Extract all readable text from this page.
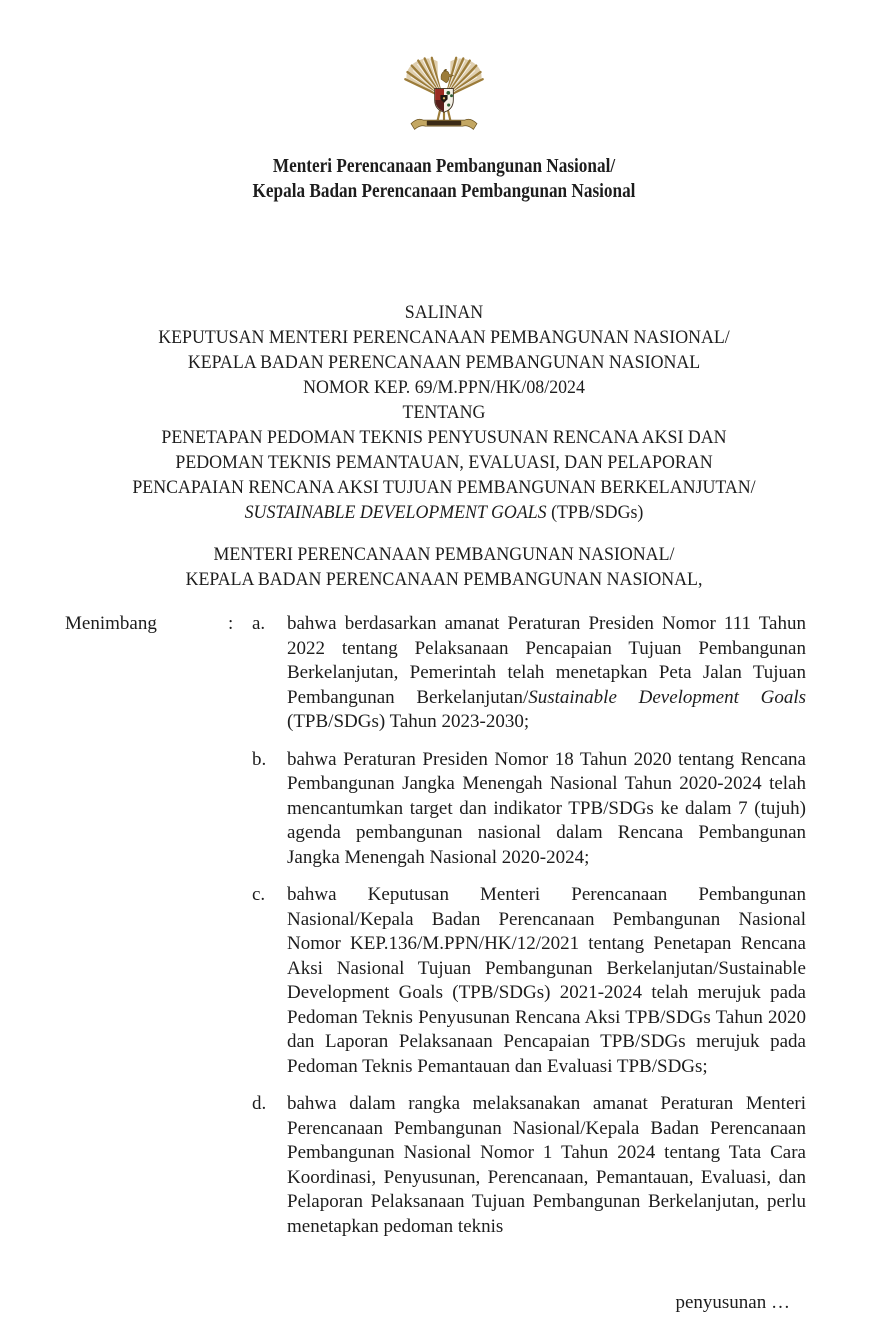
Menteri Perencanaan Pembangunan Nasional/
Kepala Badan Perencanaan Pembangunan Nasional
SALINAN
KEPUTUSAN MENTERI PERENCANAAN PEMBANGUNAN NASIONAL/
KEPALA BADAN PERENCANAAN PEMBANGUNAN NASIONAL
NOMOR KEP. 69/M.PPN/HK/08/2024
TENTANG
PENETAPAN PEDOMAN TEKNIS PENYUSUNAN RENCANA AKSI DAN
PEDOMAN TEKNIS PEMANTAUAN, EVALUASI, DAN PELAPORAN
PENCAPAIAN RENCANA AKSI TUJUAN PEMBANGUNAN BERKELANJUTAN/
SUSTAINABLE DEVELOPMENT GOALS (TPB/SDGs)
MENTERI PERENCANAAN PEMBANGUNAN NASIONAL/
KEPALA BADAN PERENCANAAN PEMBANGUNAN NASIONAL,
Menimbang	: a.	bahwa berdasarkan amanat Peraturan Presiden Nomor 111 Tahun 2022 tentang Pelaksanaan Pencapaian Tujuan Pembangunan Berkelanjutan, Pemerintah telah menetapkan Peta Jalan Tujuan Pembangunan Berkelanjutan/Sustainable Development Goals (TPB/SDGs) Tahun 2023-2030;
b.	bahwa Peraturan Presiden Nomor 18 Tahun 2020 tentang Rencana Pembangunan Jangka Menengah Nasional Tahun 2020-2024 telah mencantumkan target dan indikator TPB/SDGs ke dalam 7 (tujuh) agenda pembangunan nasional dalam Rencana Pembangunan Jangka Menengah Nasional 2020-2024;
c.	bahwa Keputusan Menteri Perencanaan Pembangunan Nasional/Kepala Badan Perencanaan Pembangunan Nasional Nomor KEP.136/M.PPN/HK/12/2021 tentang Penetapan Rencana Aksi Nasional Tujuan Pembangunan Berkelanjutan/Sustainable Development Goals (TPB/SDGs) 2021-2024 telah merujuk pada Pedoman Teknis Penyusunan Rencana Aksi TPB/SDGs Tahun 2020 dan Laporan Pelaksanaan Pencapaian TPB/SDGs merujuk pada Pedoman Teknis Pemantauan dan Evaluasi TPB/SDGs;
d.	bahwa dalam rangka melaksanakan amanat Peraturan Menteri Perencanaan Pembangunan Nasional/Kepala Badan Perencanaan Pembangunan Nasional Nomor 1 Tahun 2024 tentang Tata Cara Koordinasi, Penyusunan, Perencanaan, Pemantauan, Evaluasi, dan Pelaporan Pelaksanaan Tujuan Pembangunan Berkelanjutan, perlu menetapkan pedoman teknis
penyusunan …
